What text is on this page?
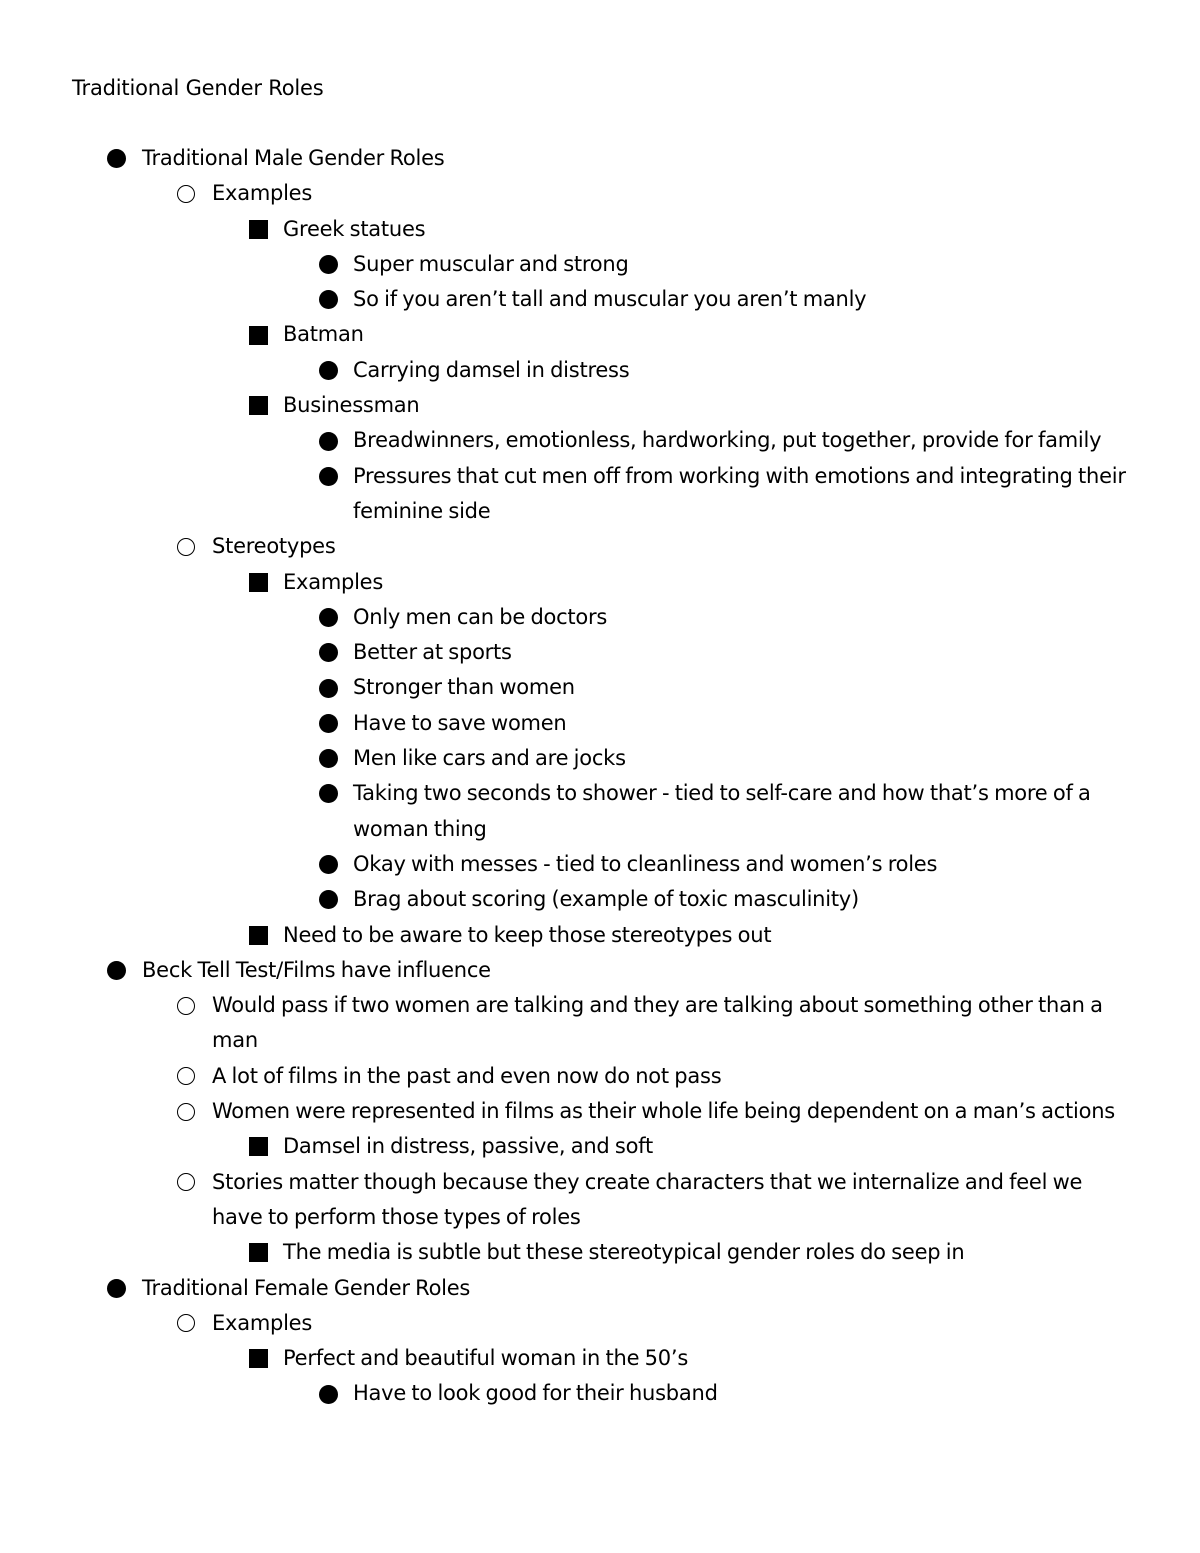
Traditional Gender Roles
Traditional Male Gender Roles
Examples
Greek statues
Super muscular and strong
So if you aren’t tall and muscular you aren’t manly
Batman
Carrying damsel in distress
Businessman
Breadwinners, emotionless, hardworking, put together, provide for family
Pressures that cut men off from working with emotions and integrating their feminine side
Stereotypes
Examples
Only men can be doctors
Better at sports
Stronger than women
Have to save women
Men like cars and are jocks
Taking two seconds to shower - tied to self-care and how that’s more of a woman thing
Okay with messes - tied to cleanliness and women’s roles
Brag about scoring (example of toxic masculinity)
Need to be aware to keep those stereotypes out
Beck Tell Test/Films have influence
Would pass if two women are talking and they are talking about something other than a man
A lot of films in the past and even now do not pass
Women were represented in films as their whole life being dependent on a man’s actions
Damsel in distress, passive, and soft
Stories matter though because they create characters that we internalize and feel we have to perform those types of roles
The media is subtle but these stereotypical gender roles do seep in
Traditional Female Gender Roles
Examples
Perfect and beautiful woman in the 50’s
Have to look good for their husband
